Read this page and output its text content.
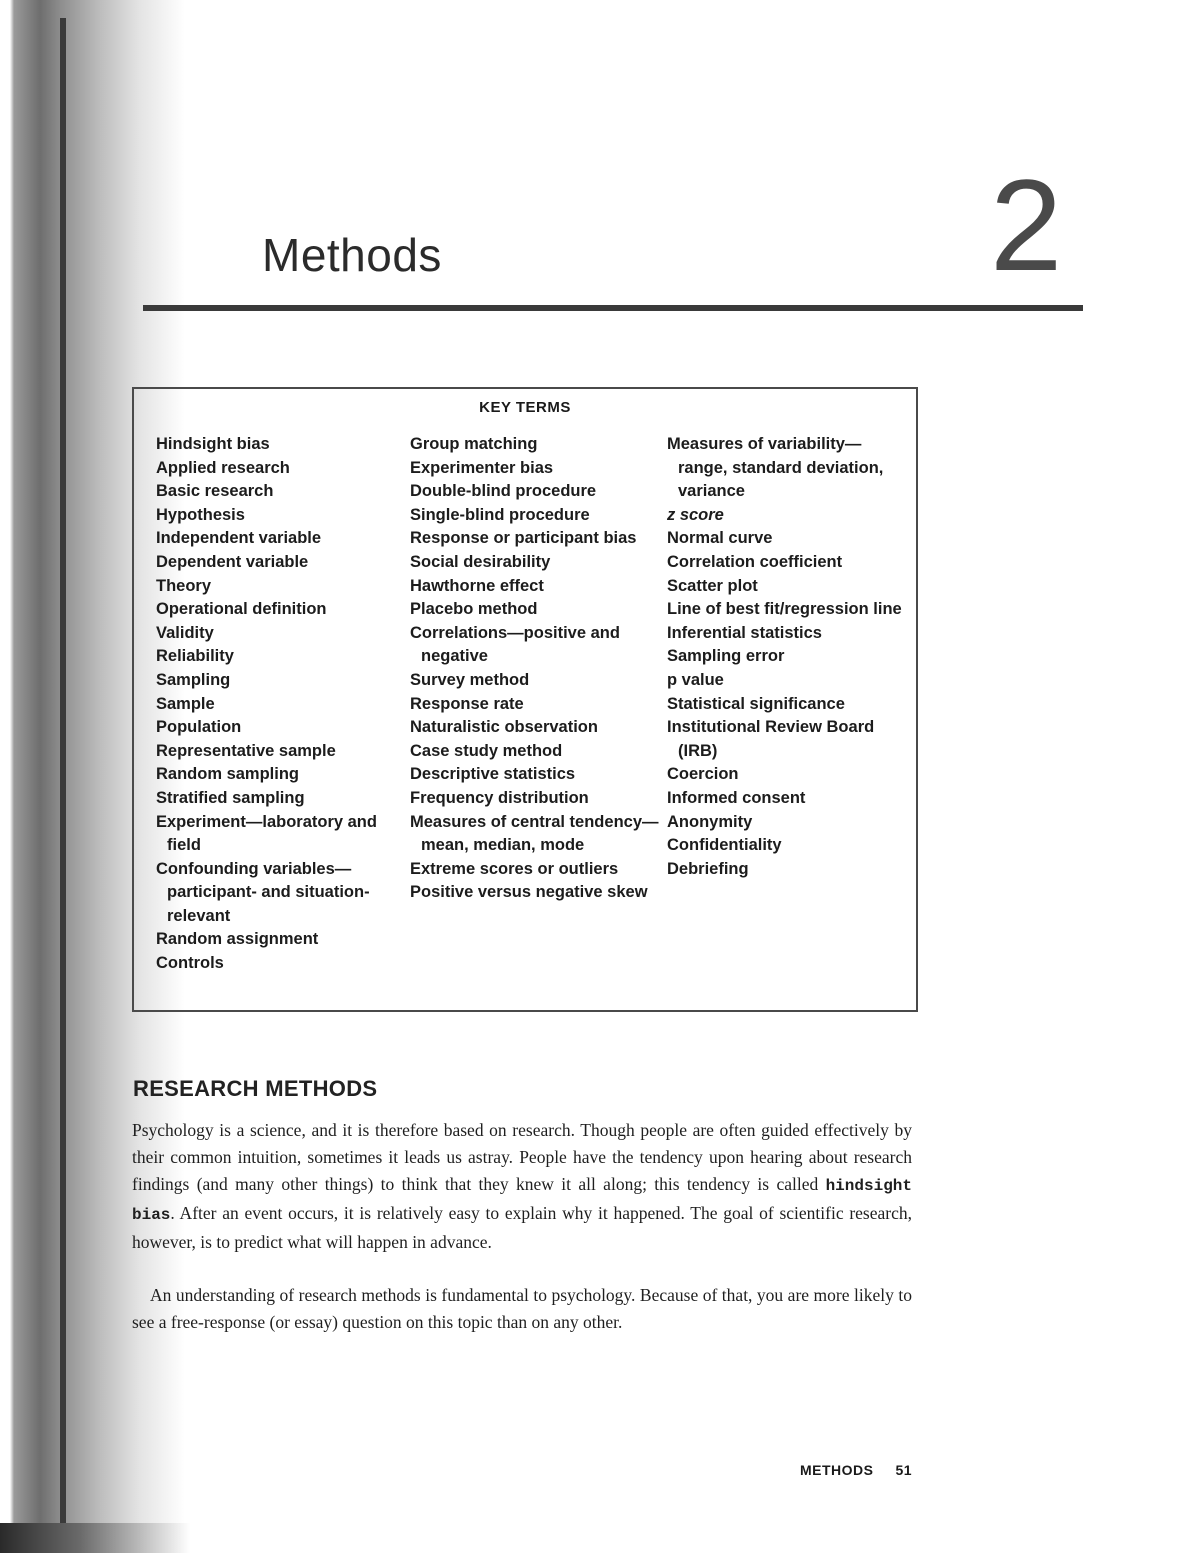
Methods	2
KEY TERMS
Hindsight bias
Applied research
Basic research
Hypothesis
Independent variable
Dependent variable
Theory
Operational definition
Validity
Reliability
Sampling
Sample
Population
Representative sample
Random sampling
Stratified sampling
Experiment—laboratory and field
Confounding variables—participant- and situation-relevant
Random assignment
Controls
Group matching
Experimenter bias
Double-blind procedure
Single-blind procedure
Response or participant bias
Social desirability
Hawthorne effect
Placebo method
Correlations—positive and negative
Survey method
Response rate
Naturalistic observation
Case study method
Descriptive statistics
Frequency distribution
Measures of central tendency—mean, median, mode
Extreme scores or outliers
Positive versus negative skew
Measures of variability—range, standard deviation, variance
z score
Normal curve
Correlation coefficient
Scatter plot
Line of best fit/regression line
Inferential statistics
Sampling error
p value
Statistical significance
Institutional Review Board (IRB)
Coercion
Informed consent
Anonymity
Confidentiality
Debriefing
RESEARCH METHODS

Psychology is a science, and it is therefore based on research. Though people are often guided effectively by their common intuition, sometimes it leads us astray. People have the tendency upon hearing about research findings (and many other things) to think that they knew it all along; this tendency is called hindsight bias. After an event occurs, it is relatively easy to explain why it happened. The goal of scientific research, however, is to predict what will happen in advance.

An understanding of research methods is fundamental to psychology. Because of that, you are more likely to see a free-response (or essay) question on this topic than on any other.

METHODS 51
